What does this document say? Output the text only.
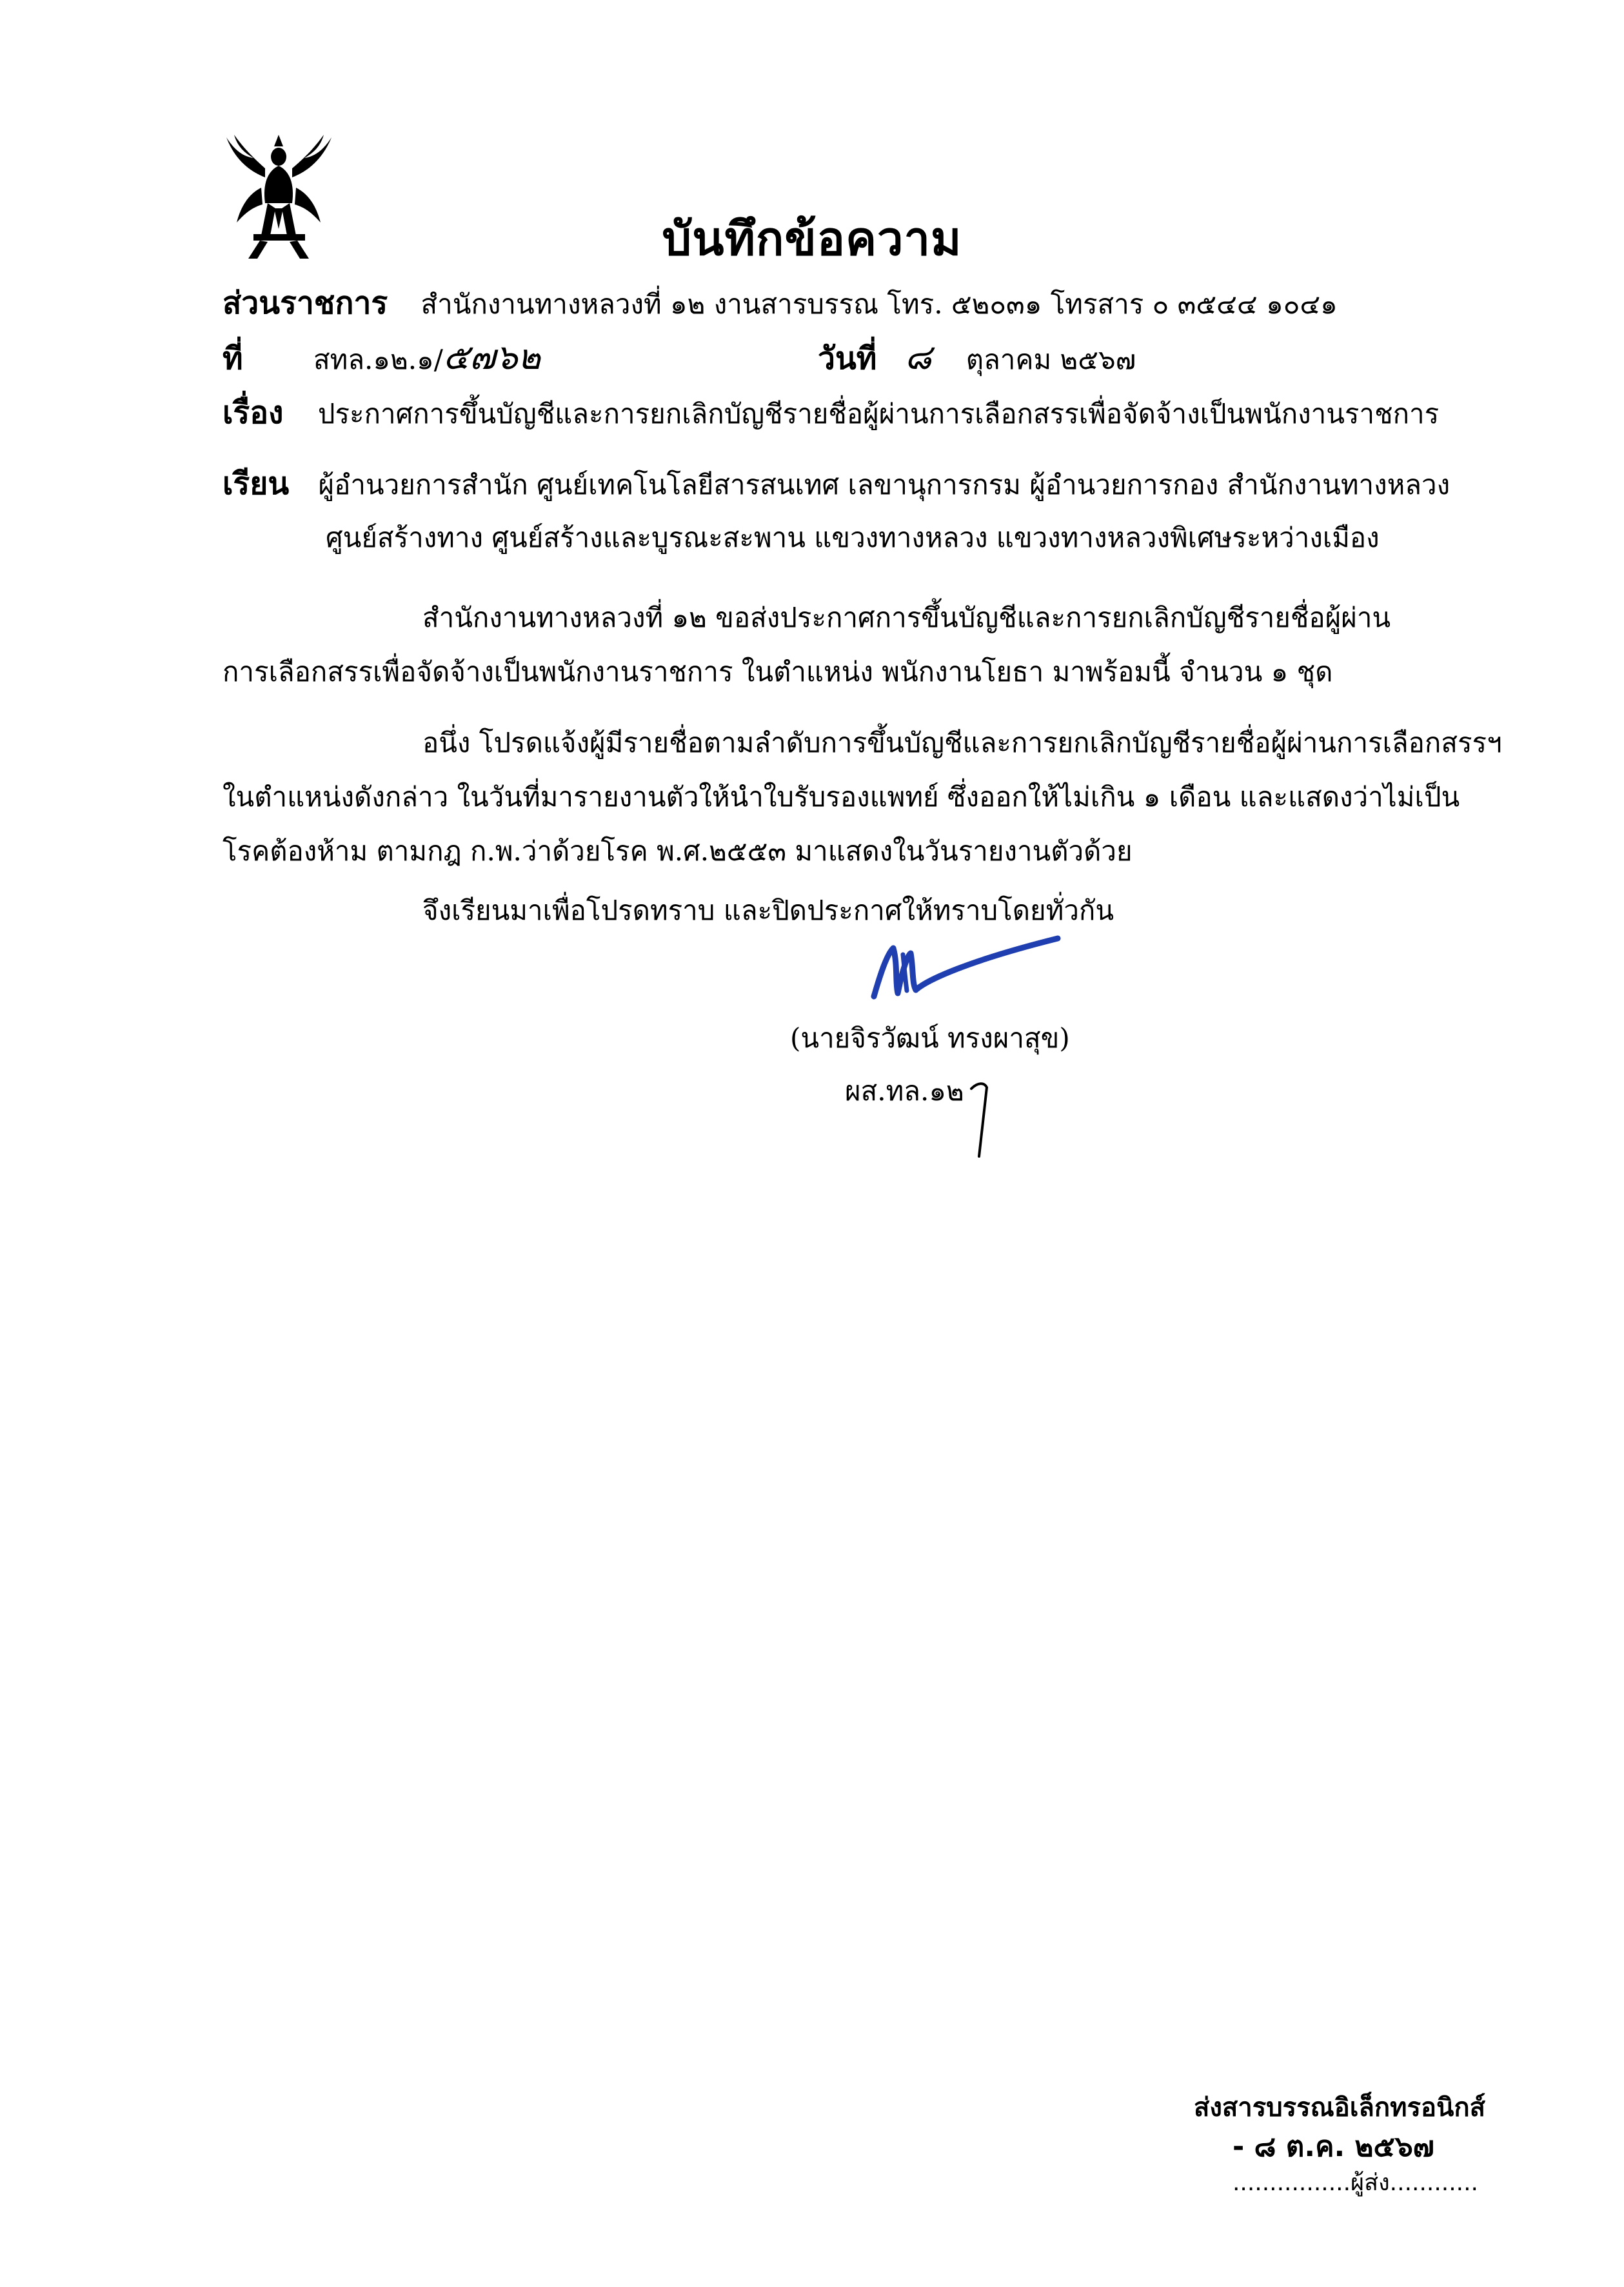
บันทึกข้อความ
ส่วนราชการ สำนักงานทางหลวงที่ ๑๒ งานสารบรรณ โทร. ๕๒๐๓๑ โทรสาร ๐ ๓๕๔๔ ๑๐๔๑
ที่	สทล.๑๒.๑/๕๗๖๒	วันที่ ๘ ตุลาคม ๒๕๖๗
เรื่อง ประกาศการขึ้นบัญชีและการยกเลิกบัญชีรายชื่อผู้ผ่านการเลือกสรรเพื่อจัดจ้างเป็นพนักงานราชการ
เรียน ผู้อำนวยการสำนัก ศูนย์เทคโนโลยีสารสนเทศ เลขานุการกรม ผู้อำนวยการกอง สำนักงานทางหลวง
ศูนย์สร้างทาง ศูนย์สร้างและบูรณะสะพาน แขวงทางหลวง แขวงทางหลวงพิเศษระหว่างเมือง
สำนักงานทางหลวงที่ ๑๒ ขอส่งประกาศการขึ้นบัญชีและการยกเลิกบัญชีรายชื่อผู้ผ่าน
การเลือกสรรเพื่อจัดจ้างเป็นพนักงานราชการ ในตำแหน่ง พนักงานโยธา มาพร้อมนี้ จำนวน ๑ ชุด
อนึ่ง โปรดแจ้งผู้มีรายชื่อตามลำดับการขึ้นบัญชีและการยกเลิกบัญชีรายชื่อผู้ผ่านการเลือกสรรฯ
ในตำแหน่งดังกล่าว ในวันที่มารายงานตัวให้นำใบรับรองแพทย์ ซึ่งออกให้ไม่เกิน ๑ เดือน และแสดงว่าไม่เป็น
โรคต้องห้าม ตามกฎ ก.พ.ว่าด้วยโรค พ.ศ.๒๕๕๓ มาแสดงในวันรายงานตัวด้วย
จึงเรียนมาเพื่อโปรดทราบ และปิดประกาศให้ทราบโดยทั่วกัน
(นายจิรวัฒน์ ทรงผาสุข)
ผส.ทล.๑๒
ส่งสารบรรณอิเล็กทรอนิกส์
- ๘ ต.ค. ๒๕๖๗
................ผู้ส่ง............
